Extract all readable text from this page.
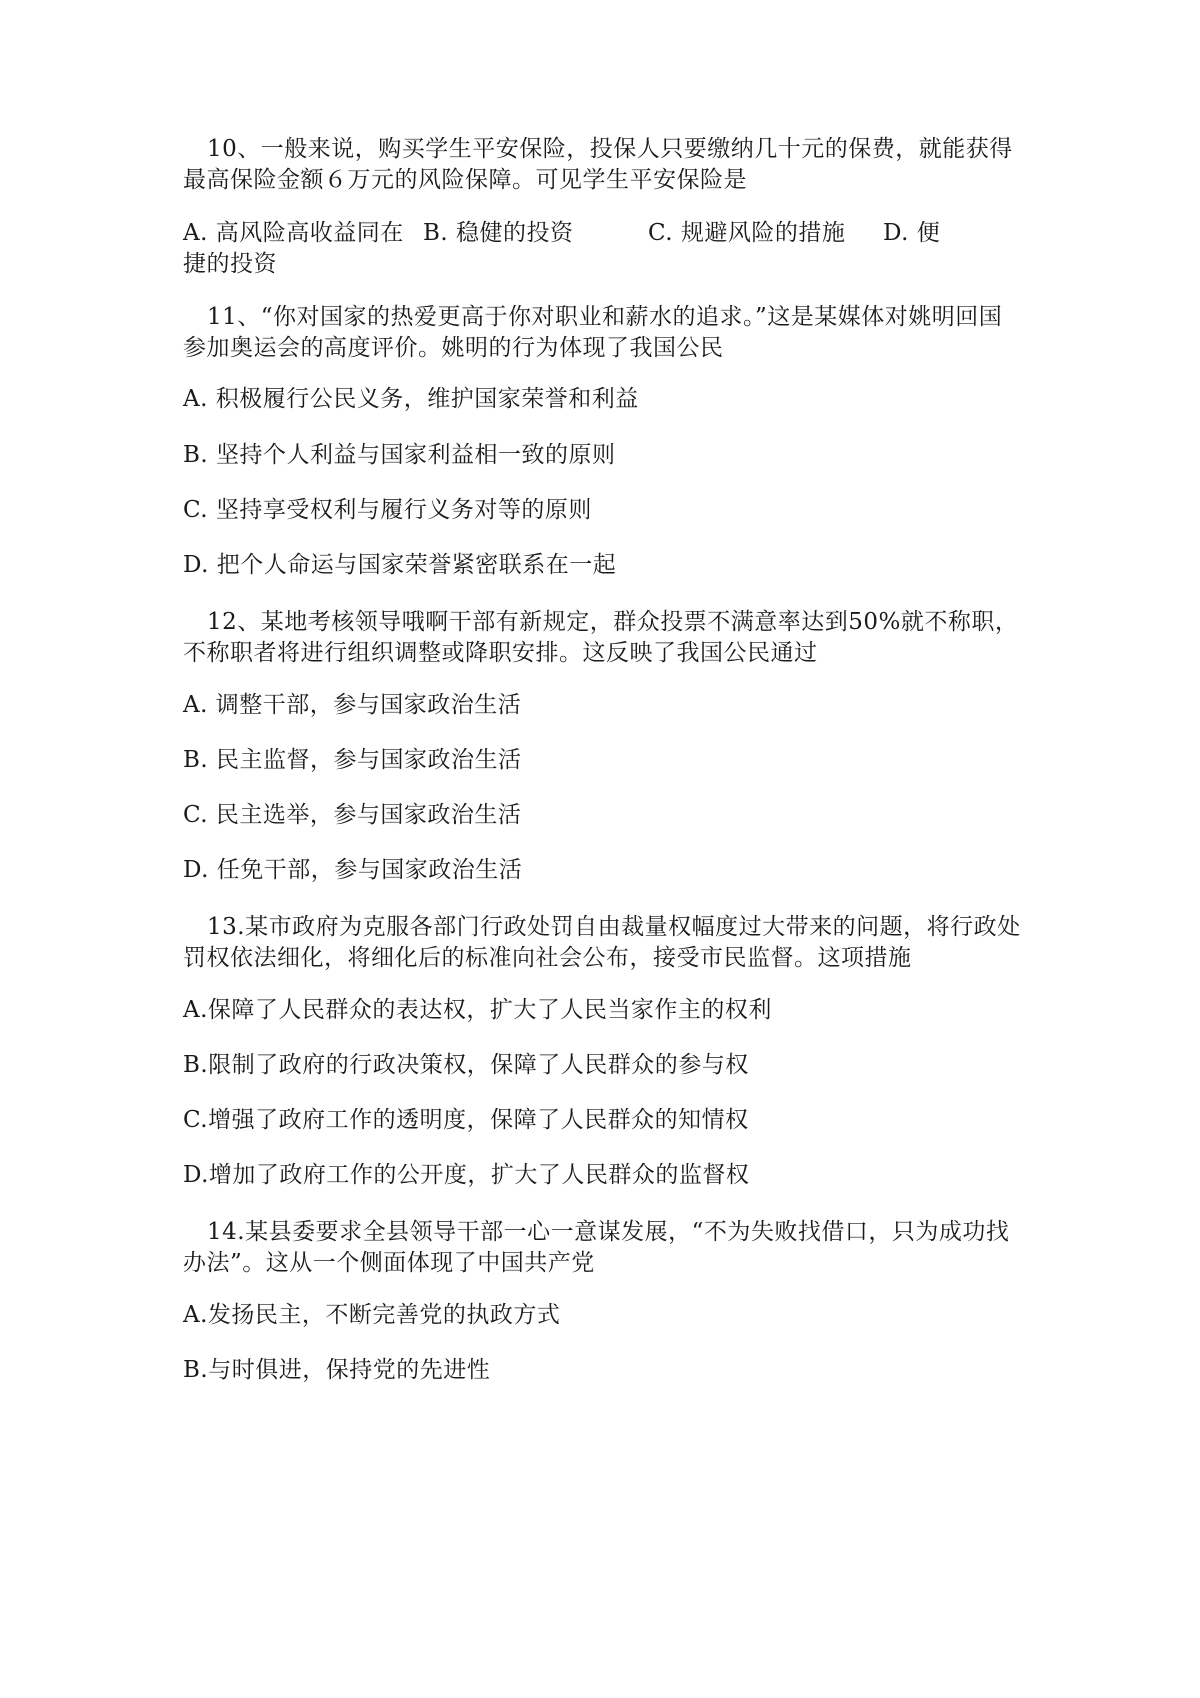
10、一般来说，购买学生平安保险，投保人只要缴纳几十元的保费，就能获得最高保险金额６万元的风险保障。可见学生平安保险是

A. 高风险高收益同在 B. 稳健的投资	C. 规避风险的措施 D. 便
捷的投资

11、“你对国家的热爱更高于你对职业和薪水的追求。”这是某媒体对姚明回国参加奥运会的高度评价。姚明的行为体现了我国公民

A. 积极履行公民义务，维护国家荣誉和利益

B. 坚持个人利益与国家利益相一致的原则

C. 坚持享受权利与履行义务对等的原则

D. 把个人命运与国家荣誉紧密联系在一起

12、某地考核领导哦啊干部有新规定，群众投票不满意率达到50%就不称职，不称职者将进行组织调整或降职安排。这反映了我国公民通过

A. 调整干部，参与国家政治生活

B. 民主监督，参与国家政治生活

C. 民主选举，参与国家政治生活

D. 任免干部，参与国家政治生活

13.某市政府为克服各部门行政处罚自由裁量权幅度过大带来的问题，将行政处罚权依法细化，将细化后的标准向社会公布，接受市民监督。这项措施

A.保障了人民群众的表达权，扩大了人民当家作主的权利

B.限制了政府的行政决策权，保障了人民群众的参与权

C.增强了政府工作的透明度，保障了人民群众的知情权

D.增加了政府工作的公开度，扩大了人民群众的监督权

14.某县委要求全县领导干部一心一意谋发展，“不为失败找借口，只为成功找办法”。这从一个侧面体现了中国共产党

A.发扬民主，不断完善党的执政方式

B.与时俱进，保持党的先进性
